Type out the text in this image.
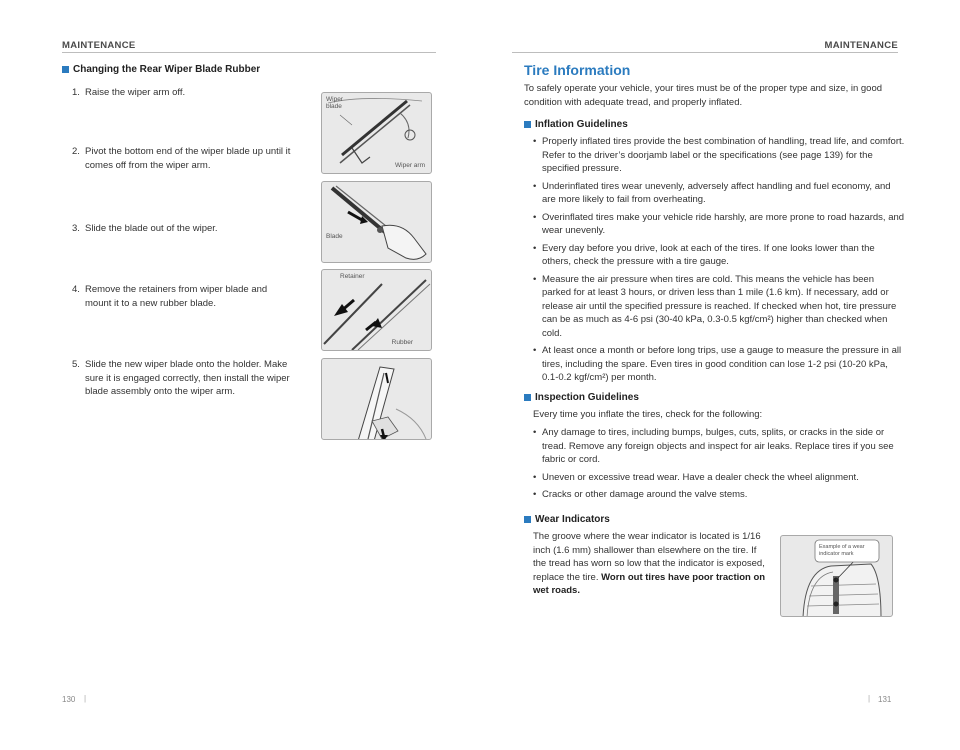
MAINTENANCE
Changing the Rear Wiper Blade Rubber
1. Raise the wiper arm off.
2. Pivot the bottom end of the wiper blade up until it
comes off from the wiper arm.
3. Slide the blade out of the wiper.
4. Remove the retainers from wiper blade and
mount it to a new rubber blade.
5. Slide the new wiper blade onto the holder. Make
sure it is engaged correctly, then install the wiper
blade assembly onto the wiper arm.
Wiper
blade
Wiper arm
Blade
Retainer
Rubber
130 |
MAINTENANCE
Tire Information
To safely operate your vehicle, your tires must be of the proper type and size, in good condition with adequate tread, and properly inflated.
Inflation Guidelines
• Properly inflated tires provide the best combination of handling, tread life, and comfort. Refer to the driver’s doorjamb label or the specifications (see page 139) for the specified pressure.
• Underinflated tires wear unevenly, adversely affect handling and fuel economy, and are more likely to fail from overheating.
• Overinflated tires make your vehicle ride harshly, are more prone to road hazards, and wear unevenly.
• Every day before you drive, look at each of the tires. If one looks lower than the others, check the pressure with a tire gauge.
• Measure the air pressure when tires are cold. This means the vehicle has been parked for at least 3 hours, or driven less than 1 mile (1.6 km). If necessary, add or release air until the specified pressure is reached. If checked when hot, tire pressure can be as much as 4-6 psi (30-40 kPa, 0.3-0.5 kgf/cm²) higher than checked when cold.
• At least once a month or before long trips, use a gauge to measure the pressure in all tires, including the spare. Even tires in good condition can lose 1-2 psi (10-20 kPa, 0.1-0.2 kgf/cm²) per month.
Inspection Guidelines
Every time you inflate the tires, check for the following:
• Any damage to tires, including bumps, bulges, cuts, splits, or cracks in the side or tread. Remove any foreign objects and inspect for air leaks. Replace tires if you see fabric or cord.
• Uneven or excessive tread wear. Have a dealer check the wheel alignment.
• Cracks or other damage around the valve stems.
Wear Indicators
The groove where the wear indicator is located is 1/16 inch (1.6 mm) shallower than elsewhere on the tire. If the tread has worn so low that the indicator is exposed, replace the tire. Worn out tires have poor traction on wet roads.
Example of a wear
indicator mark
| 131
